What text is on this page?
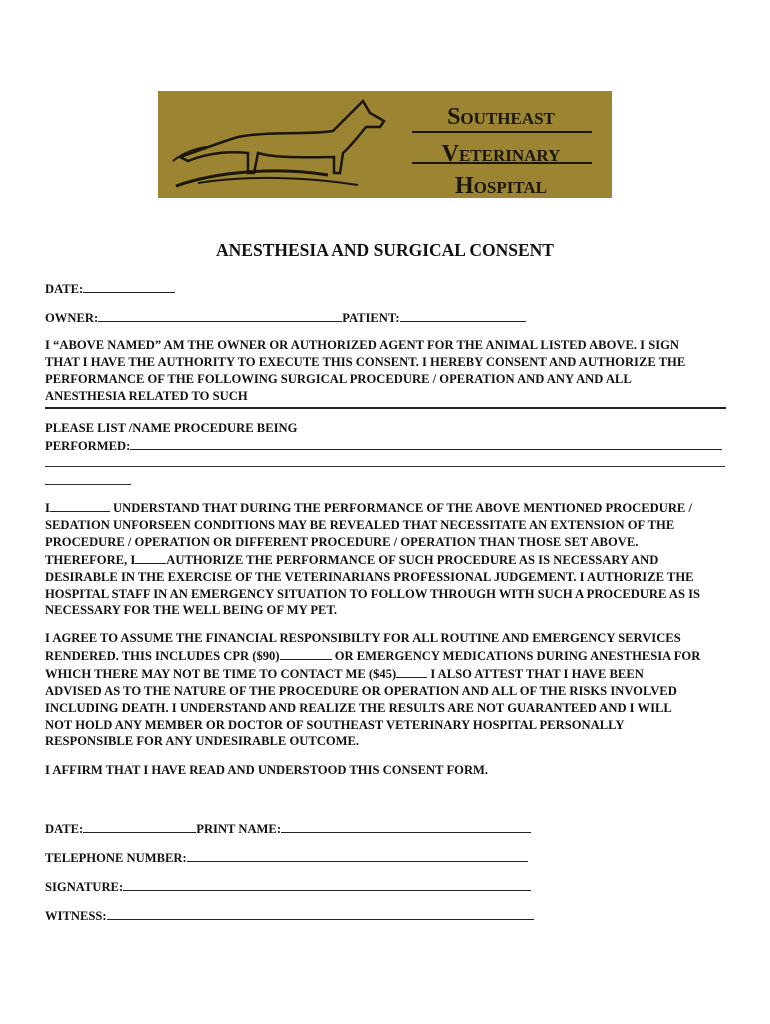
Southeast
Veterinary
Hospital
ANESTHESIA AND SURGICAL CONSENT
DATE:
OWNER:	PATIENT:
I “ABOVE NAMED” AM THE OWNER OR AUTHORIZED AGENT FOR THE ANIMAL LISTED ABOVE. I SIGN
THAT I HAVE THE AUTHORITY TO EXECUTE THIS CONSENT. I HEREBY CONSENT AND AUTHORIZE THE
PERFORMANCE OF THE FOLLOWING SURGICAL PROCEDURE / OPERATION AND ANY AND ALL
ANESTHESIA RELATED TO SUCH
PLEASE LIST /NAME PROCEDURE BEING
PERFORMED:
I	UNDERSTAND THAT DURING THE PERFORMANCE OF THE ABOVE MENTIONED PROCEDURE /
SEDATION UNFORSEEN CONDITIONS MAY BE REVEALED THAT NECESSITATE AN EXTENSION OF THE
PROCEDURE / OPERATION OR DIFFERENT PROCEDURE / OPERATION THAN THOSE SET ABOVE.
THEREFORE, I AUTHORIZE THE PERFORMANCE OF SUCH PROCEDURE AS IS NECESSARY AND
DESIRABLE IN THE EXERCISE OF THE VETERINARIANS PROFESSIONAL JUDGEMENT. I AUTHORIZE THE
HOSPITAL STAFF IN AN EMERGENCY SITUATION TO FOLLOW THROUGH WITH SUCH A PROCEDURE AS IS
NECESSARY FOR THE WELL BEING OF MY PET.
I AGREE TO ASSUME THE FINANCIAL RESPONSIBILTY FOR ALL ROUTINE AND EMERGENCY SERVICES
RENDERED. THIS INCLUDES CPR ($90)	OR EMERGENCY MEDICATIONS DURING ANESTHESIA FOR
WHICH THERE MAY NOT BE TIME TO CONTACT ME ($45) I ALSO ATTEST THAT I HAVE BEEN
ADVISED AS TO THE NATURE OF THE PROCEDURE OR OPERATION AND ALL OF THE RISKS INVOLVED
INCLUDING DEATH. I UNDERSTAND AND REALIZE THE RESULTS ARE NOT GUARANTEED AND I WILL
NOT HOLD ANY MEMBER OR DOCTOR OF SOUTHEAST VETERINARY HOSPITAL PERSONALLY
RESPONSIBLE FOR ANY UNDESIRABLE OUTCOME.
I AFFIRM THAT I HAVE READ AND UNDERSTOOD THIS CONSENT FORM.
DATE:	PRINT NAME:
TELEPHONE NUMBER:
SIGNATURE:
WITNESS:
